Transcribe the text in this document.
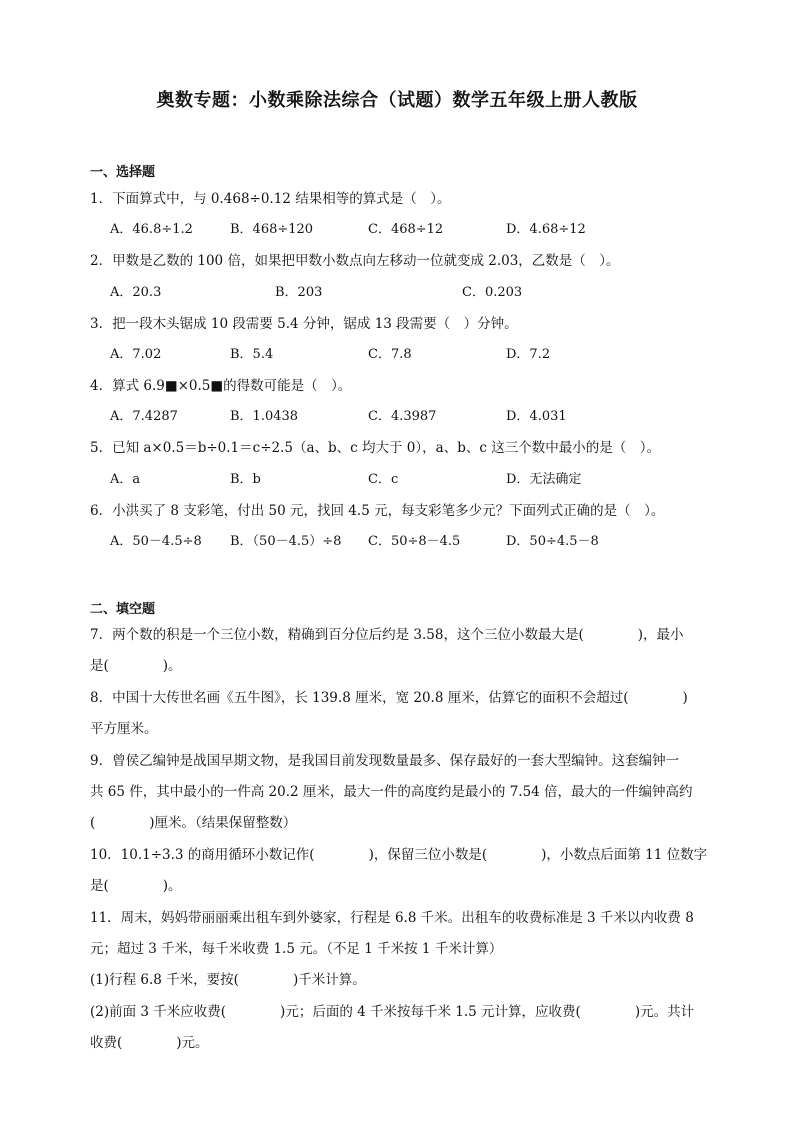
奥数专题：小数乘除法综合（试题）数学五年级上册人教版
一、选择题
1．下面算式中，与 0.468÷0.12 结果相等的算式是（　）。
A．46.8÷1.2	B．468÷120	C．468÷12	D．4.68÷12
2．甲数是乙数的 100 倍，如果把甲数小数点向左移动一位就变成 2.03，乙数是（　）。
A．20.3	B．203	C．0.203
3．把一段木头锯成 10 段需要 5.4 分钟，锯成 13 段需要（　）分钟。
A．7.02	B．5.4	C．7.8	D．7.2
4．算式 6.9■×0.5■的得数可能是（　）。
A．7.4287	B．1.0438	C．4.3987	D．4.031
5．已知 a×0.5＝b÷0.1＝c÷2.5（a、b、c 均大于 0），a、b、c 这三个数中最小的是（　）。
A．a	B．b	C．c	D．无法确定
6．小洪买了 8 支彩笔，付出 50 元，找回 4.5 元，每支彩笔多少元？下面列式正确的是（　）。
A．50－4.5÷8 B．（50－4.5）÷8 C．50÷8－4.5	D．50÷4.5－8
二、填空题
7．两个数的积是一个三位小数，精确到百分位后约是 3.58，这个三位小数最大是(　　　　)，最小
是(　　　　)。
8．中国十大传世名画《五牛图》，长 139.8 厘米，宽 20.8 厘米，估算它的面积不会超过(　　　　)
平方厘米。
9．曾侯乙编钟是战国早期文物，是我国目前发现数量最多、保存最好的一套大型编钟。这套编钟一
共 65 件，其中最小的一件高 20.2 厘米，最大一件的高度约是最小的 7.54 倍，最大的一件编钟高约
(　　　　)厘米。（结果保留整数）
10．10.1÷3.3 的商用循环小数记作(　　　　)，保留三位小数是(　　　　)，小数点后面第 11 位数字
是(　　　　)。
11．周末，妈妈带丽丽乘出租车到外婆家，行程是 6.8 千米。出租车的收费标准是 3 千米以内收费 8
元；超过 3 千米，每千米收费 1.5 元。（不足 1 千米按 1 千米计算）
(1)行程 6.8 千米，要按(　　　　)千米计算。
(2)前面 3 千米应收费(　　　　)元；后面的 4 千米按每千米 1.5 元计算，应收费(　　　　)元。共计
收费(　　　　)元。
